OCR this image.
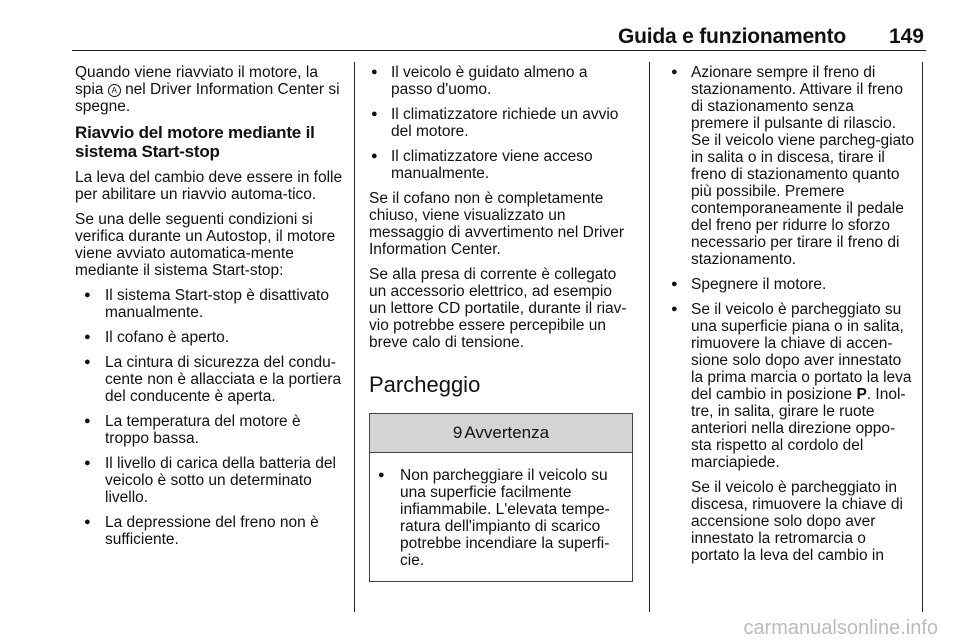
Guida e funzionamento 149

Quando viene riavviato il motore, la spia A nel Driver Information Center si spegne.

Riavvio del motore mediante il sistema Start-stop

La leva del cambio deve essere in folle per abilitare un riavvio automa-tico.

Se una delle seguenti condizioni si verifica durante un Autostop, il motore viene avviato automatica-mente mediante il sistema Start-stop:

● Il sistema Start-stop è disattivato manualmente.
● Il cofano è aperto.
● La cintura di sicurezza del condu-cente non è allacciata e la portiera del conducente è aperta.
● La temperatura del motore è troppo bassa.
● Il livello di carica della batteria del veicolo è sotto un determinato livello.
● La depressione del freno non è sufficiente.
● Il veicolo è guidato almeno a passo d'uomo.
● Il climatizzatore richiede un avvio del motore.
● Il climatizzatore viene acceso manualmente.

Se il cofano non è completamente chiuso, viene visualizzato un messaggio di avvertimento nel Driver Information Center.

Se alla presa di corrente è collegato un accessorio elettrico, ad esempio un lettore CD portatile, durante il riav-vio potrebbe essere percepibile un breve calo di tensione.

Parcheggio
9 Avvertenza
● Non parcheggiare il veicolo su una superficie facilmente infiammabile. L'elevata tempe-ratura dell'impianto di scarico potrebbe incendiare la superfi-cie.
● Azionare sempre il freno di stazionamento. Attivare il freno di stazionamento senza premere il pulsante di rilascio. Se il veicolo viene parcheg-giato in salita o in discesa, tirare il freno di stazionamento quanto più possibile. Premere contemporaneamente il pedale del freno per ridurre lo sforzo necessario per tirare il freno di stazionamento.
● Spegnere il motore.
● Se il veicolo è parcheggiato su una superficie piana o in salita, rimuovere la chiave di accen-sione solo dopo aver innestato la prima marcia o portato la leva del cambio in posizione P. Inol-tre, in salita, girare le ruote anteriori nella direzione oppo-sta rispetto al cordolo del marciapiede.

Se il veicolo è parcheggiato in discesa, rimuovere la chiave di accensione solo dopo aver innestato la retromarcia o portato la leva del cambio in

carmanualsonline.info
